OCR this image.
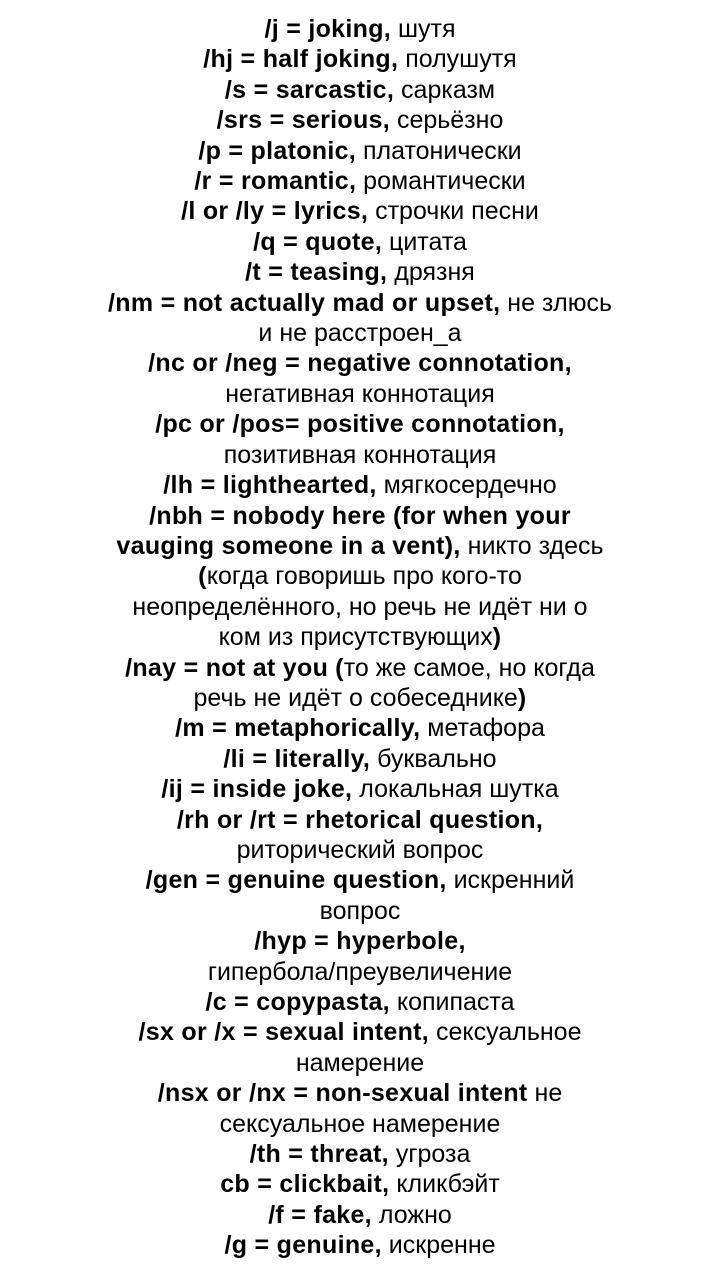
/j = joking, шутя
/hj = half joking, полушутя
/s = sarcastic, сарказм
/srs = serious, серьёзно
/p = platonic, платонически
/r = romantic, романтически
/l or /ly = lyrics, строчки песни
/q = quote, цитата
/t = teasing, дрязня
/nm = not actually mad or upset, не злюсь
и не расстроен_а
/nc or /neg = negative connotation,
негативная коннотация
/pc or /pos= positive connotation,
позитивная коннотация
/lh = lighthearted, мягкосердечно
/nbh = nobody here (for when your
vauging someone in a vent), никто здесь
(когда говоришь про кого-то
неопределённого, но речь не идёт ни о
ком из присутствующих)
/nay = not at you (то же самое, но когда
речь не идёт о собеседнике)
/m = metaphorically, метафора
/li = literally, буквально
/ij = inside joke, локальная шутка
/rh or /rt = rhetorical question,
риторический вопрос
/gen = genuine question, искренний
вопрос
/hyp = hyperbole,
гипербола/преувеличение
/c = copypasta, копипаста
/sx or /x = sexual intent, сексуальное
намерение
/nsx or /nx = non-sexual intent не
сексуальное намерение
/th = threat, угроза
cb = clickbait, кликбэйт
/f = fake, ложно
/g = genuine, искренне
